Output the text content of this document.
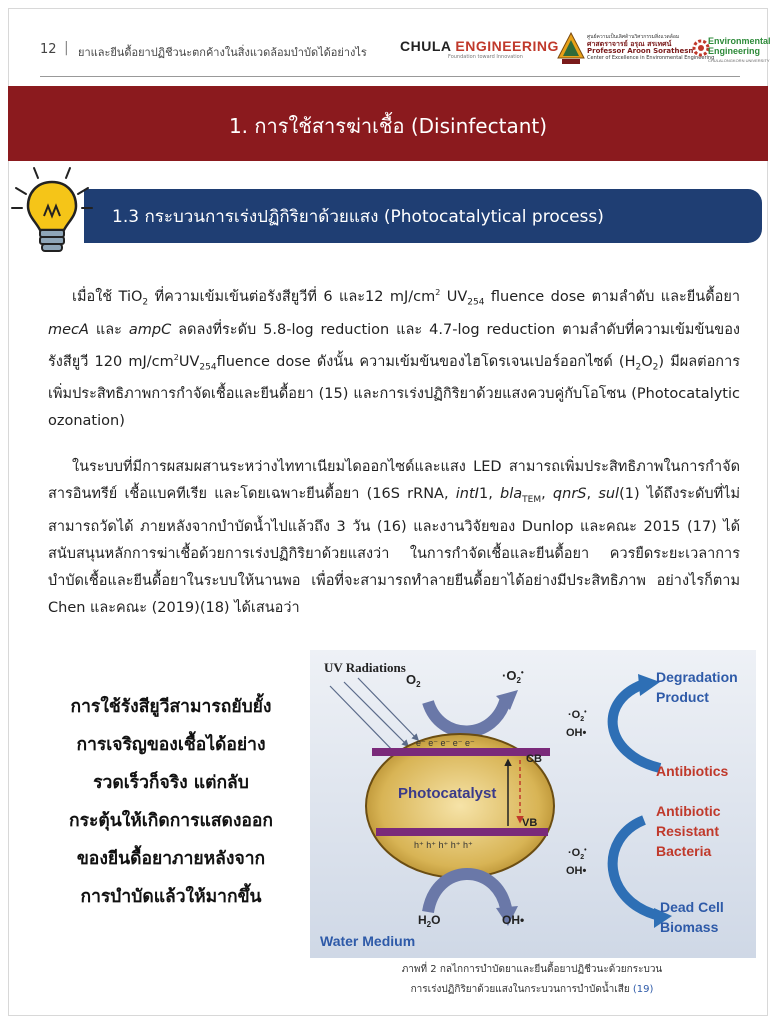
12 | ยาและยีนดื้อยาปฏิชีวนะตกค้างในสิ่งแวดล้อมบำบัดได้อย่างไร CHULA ENGINEERING
Foundation toward Innovation
ศูนย์ความเป็นเลิศด้านวิศวกรรมสิ่งแวดล้อม
ศาสตราจารย์ อรุณ สรเทศน์
Professor Aroon Sorathesn
Center of Excellence in Environmental Engineering
Environmental
Engineering
CHULALONGKORN UNIVERSITY
1. การใช้สารฆ่าเชื้อ (Disinfectant)
1.3 กระบวนการเร่งปฏิกิริยาด้วยแสง (Photocatalytical process)
เมื่อใช้ TiO$_2$ ที่ความเข้มเข้นต่อรังสียูวีที่ 6 และ12 $mJ/cm^2$ $UV_{254}$ fluence dose ตามลำดับ และยีนดื้อยา mecA และ ampC ลดลงที่ระดับ 5.8-log reduction และ 4.7-log reduction ตามลำดับที่ความเข้มข้นของรังสียูวี 120 $mJ/cm^2UV_{254}fluence$ dose ดังนั้น ความเข้มข้นของไฮโดรเจนเปอร์ออกไซด์ $(H_2O_2)$ มีผลต่อการเพิ่มประสิทธิภาพการกำจัดเชื้อและยีนดื้อยา (15) และการเร่งปฏิกิริยาด้วยแสงควบคู่กับโอโซน (Photocatalytic ozonation)
ในระบบที่มีการผสมผสานระหว่างไททาเนียมไดออกไซด์และแสง LED สามารถเพิ่มประสิทธิภาพในการกำจัดสารอินทรีย์ เชื้อแบคทีเรีย และโดยเฉพาะยีนดื้อยา (16S rRNA, intI1, bla$_{TEM}$, qnrS, sul(1) ได้ถึงระดับที่ไม่สามารถวัดได้ ภายหลังจากบำบัดน้ำไปแล้วถึง 3 วัน (16) และงานวิจัยของ Dunlop และคณะ 2015 (17) ได้สนับสนุนหลักการฆ่าเชื้อด้วยการเร่งปฏิกิริยาด้วยแสงว่า ในการกำจัดเชื้อและยีนดื้อยา ควรยืดระยะเวลาการบำบัดเชื้อและยีนดื้อยาในระบบให้นานพอ เพื่อที่จะสามารถทำลายยีนดื้อยาได้อย่างมีประสิทธิภาพ อย่างไรก็ตาม Chen และคณะ (2019)(18) ได้เสนอว่า
การใช้รังสียูวีสามารถยับยั้ง
การเจริญของเชื้อได้อย่าง
รวดเร็วก็จริง แต่กลับ
กระตุ้นให้เกิดการแสดงออก
ของยีนดื้อยาภายหลังจาก
การบำบัดแล้วให้มากขึ้น
UV Radiations
$O_2$
$\cdot O_2^•$
e⁻ e⁻ e⁻ e⁻ e⁻
CB
VB
Photocatalyst
h⁺ h⁺ h⁺ h⁺ h⁺
$H_2O$	OH•
$\cdot O_2^•$
OH•
$\cdot O_2^•$
OH•
Degradation
Product
Antibiotics
Antibiotic
Resistant
Bacteria
Dead Cell
Biomass
Water Medium
ภาพที่ 2 กลไกการบำบัดยาและยีนดื้อยาปฏิชีวนะด้วยกระบวน
การเร่งปฏิกิริยาด้วยแสงในกระบวนการบำบัดน้ำเสีย (19)
